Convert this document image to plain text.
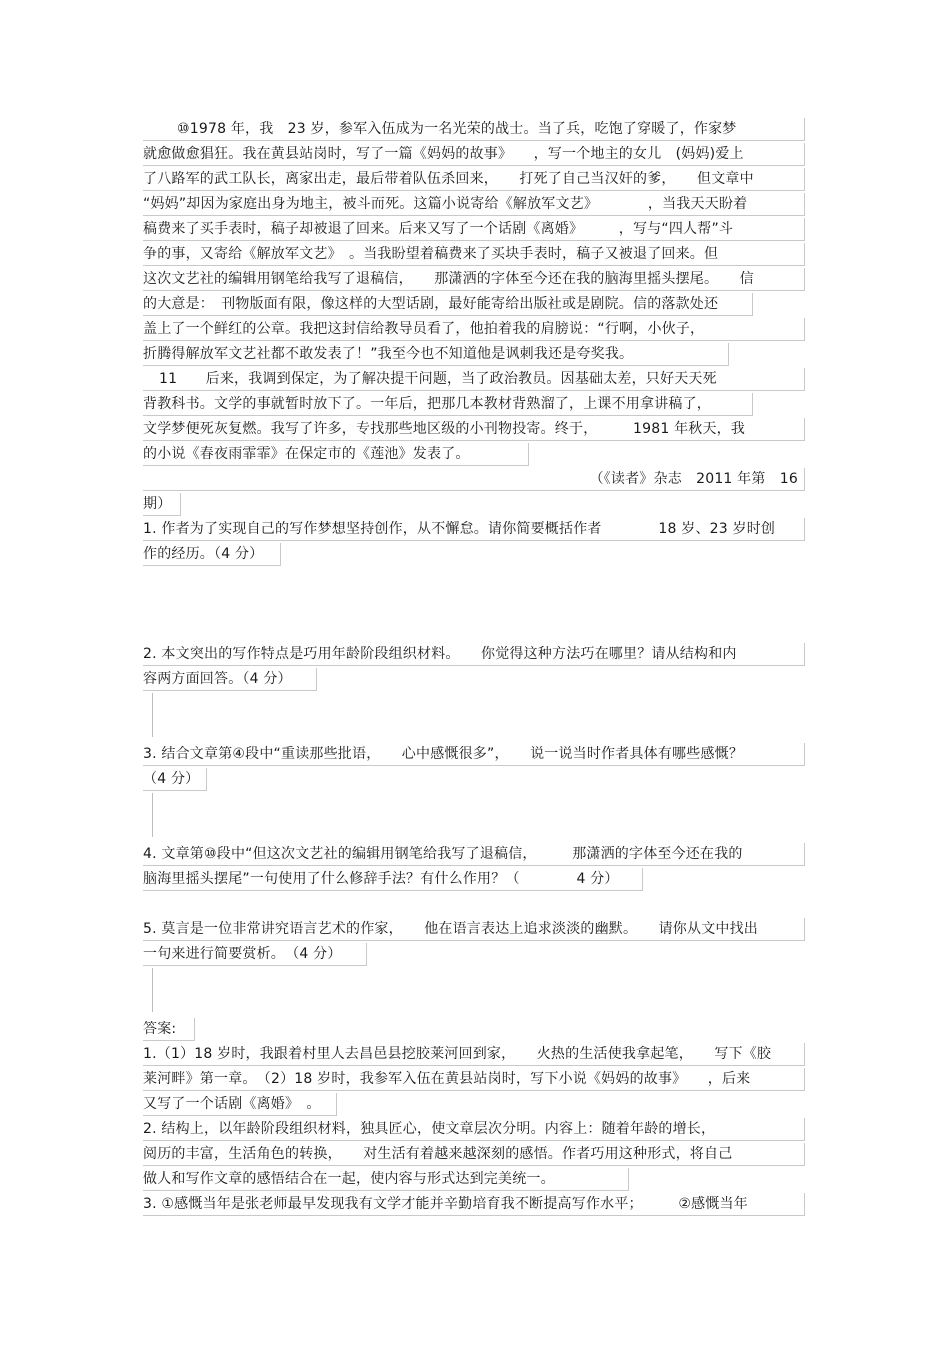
⑩1978 年，我　23 岁，参军入伍成为一名光荣的战士。当了兵，吃饱了穿暖了，作家梦
就愈做愈猖狂。我在黄县站岗时，写了一篇《妈妈的故事》　　，写一个地主的女儿　(妈妈)爱上
了八路军的武工队长，离家出走，最后带着队伍杀回来，　　打死了自己当汉奸的爹，　　但文章中
“妈妈”却因为家庭出身为地主，被斗而死。这篇小说寄给《解放军文艺》　　　　，当我天天盼着
稿费来了买手表时，稿子却被退了回来。后来又写了一个话剧《离婚》　　　，写与“四人帮”斗
争的事，又寄给《解放军文艺》　。当我盼望着稿费来了买块手表时，稿子又被退了回来。但
这次文艺社的编辑用钢笔给我写了退稿信，　　那潇洒的字体至今还在我的脑海里摇头摆尾。　　信
的大意是：　刊物版面有限，像这样的大型话剧，最好能寄给出版社或是剧院。信的落款处还
盖上了一个鲜红的公章。我把这封信给教导员看了，他拍着我的肩膀说：“行啊，小伙子，
折腾得解放军文艺社都不敢发表了！”我至今也不知道他是讽刺我还是夸奖我。
11　　后来，我调到保定，为了解决提干问题，当了政治教员。因基础太差，只好天天死
背教科书。文学的事就暂时放下了。一年后，把那几本教材背熟溜了，上课不用拿讲稿了，
文学梦便死灰复燃。我写了许多，专找那些地区级的小刊物投寄。终于，　　　1981 年秋天，我
的小说《春夜雨霏霏》在保定市的《莲池》发表了。
（《读者》杂志　2011 年第　16
期）
1. 作者为了实现自己的写作梦想坚持创作，从不懈怠。请你简要概括作者　　　　18 岁、23 岁时创
作的经历。（4 分）
2. 本文突出的写作特点是巧用年龄阶段组织材料。　　你觉得这种方法巧在哪里？请从结构和内
容两方面回答。（4 分）
3. 结合文章第④段中“重读那些批语，　　心中感慨很多”，　　说一说当时作者具体有哪些感慨？
（4 分）
4. 文章第⑩段中“但这次文艺社的编辑用钢笔给我写了退稿信，　　　那潇洒的字体至今还在我的
脑海里摇头摆尾”一句使用了什么修辞手法？有什么作用？（　　　　4 分）
5. 莫言是一位非常讲究语言艺术的作家，　　他在语言表达上追求淡淡的幽默。　　请你从文中找出
一句来进行简要赏析。　（4 分）
答案:
1.（1）18 岁时，我跟着村里人去昌邑县挖胶莱河回到家，　　火热的生活使我拿起笔，　　写下《胶
莱河畔》第一章。　（2）18 岁时，我参军入伍在黄县站岗时，写下小说《妈妈的故事》　　，后来
又写了一个话剧《离婚》　。
2. 结构上，以年龄阶段组织材料，独具匠心，使文章层次分明。内容上：随着年龄的增长，
阅历的丰富，生活角色的转换，　　对生活有着越来越深刻的感悟。作者巧用这种形式，将自己
做人和写作文章的感悟结合在一起，使内容与形式达到完美统一。
3. ①感慨当年是张老师最早发现我有文学才能并辛勤培育我不断提高写作水平；　　　②感慨当年
